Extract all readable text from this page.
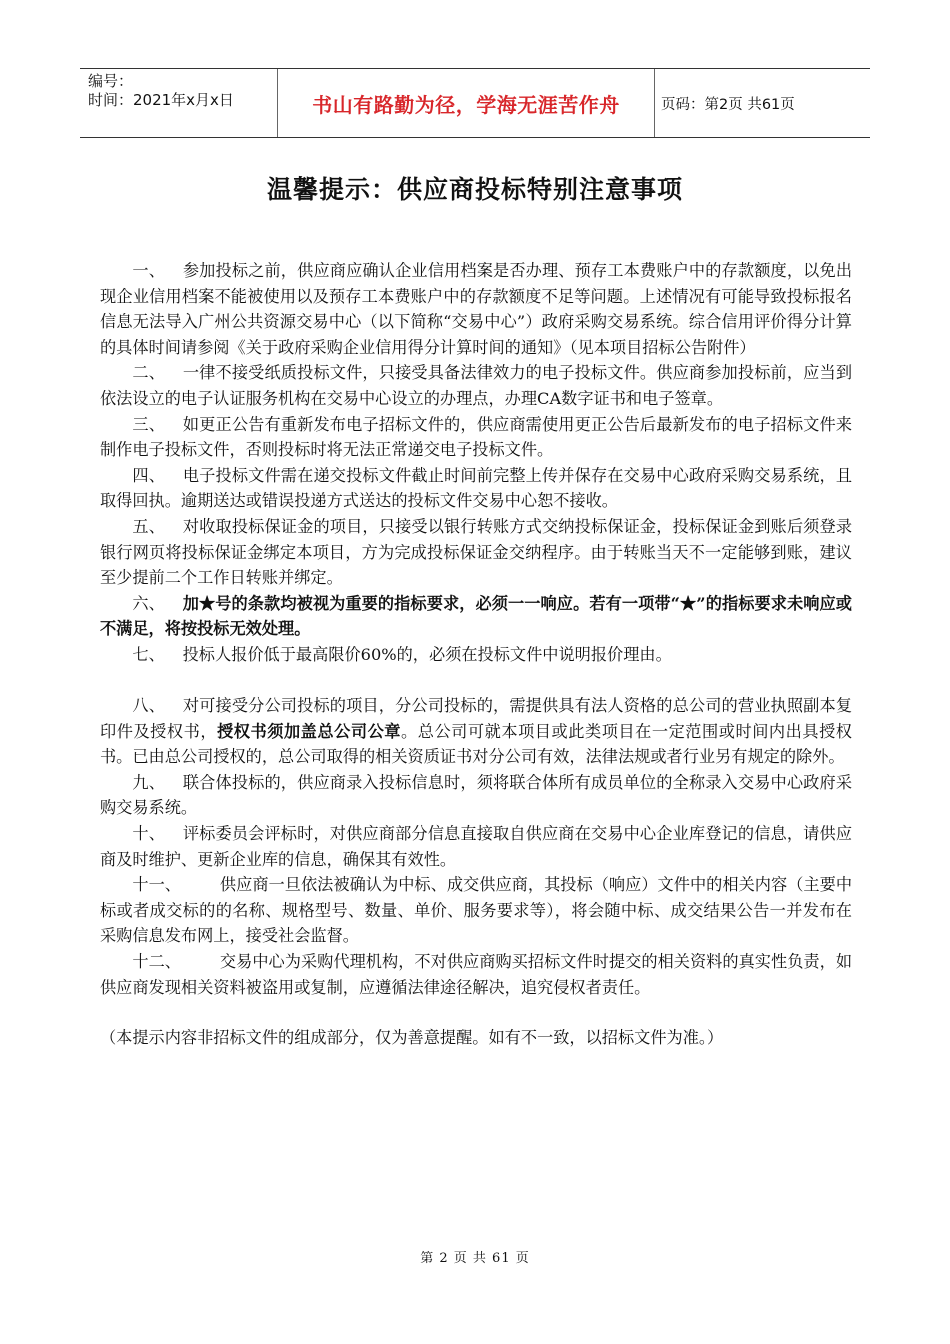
编号：
时间：2021年x月x日	书山有路勤为径，学海无涯苦作舟	页码：第2页 共61页
温馨提示：供应商投标特别注意事项

一、 参加投标之前，供应商应确认企业信用档案是否办理、预存工本费账户中的存款额度，以免出现企业信用档案不能被使用以及预存工本费账户中的存款额度不足等问题。上述情况有可能导致投标报名信息无法导入广州公共资源交易中心（以下简称“交易中心”）政府采购交易系统。综合信用评价得分计算的具体时间请参阅《关于政府采购企业信用得分计算时间的通知》（见本项目招标公告附件）

二、 一律不接受纸质投标文件，只接受具备法律效力的电子投标文件。供应商参加投标前，应当到依法设立的电子认证服务机构在交易中心设立的办理点，办理CA数字证书和电子签章。

三、 如更正公告有重新发布电子招标文件的，供应商需使用更正公告后最新发布的电子招标文件来制作电子投标文件，否则投标时将无法正常递交电子投标文件。

四、 电子投标文件需在递交投标文件截止时间前完整上传并保存在交易中心政府采购交易系统，且取得回执。逾期送达或错误投递方式送达的投标文件交易中心恕不接收。

五、 对收取投标保证金的项目，只接受以银行转账方式交纳投标保证金，投标保证金到账后须登录银行网页将投标保证金绑定本项目，方为完成投标保证金交纳程序。由于转账当天不一定能够到账，建议至少提前二个工作日转账并绑定。

六、 加★号的条款均被视为重要的指标要求，必须一一响应。若有一项带“★”的指标要求未响应或不满足，将按投标无效处理。

七、 投标人报价低于最高限价60%的，必须在投标文件中说明报价理由。

八、 对可接受分公司投标的项目，分公司投标的，需提供具有法人资格的总公司的营业执照副本复印件及授权书，授权书须加盖总公司公章。总公司可就本项目或此类项目在一定范围或时间内出具授权书。已由总公司授权的，总公司取得的相关资质证书对分公司有效，法律法规或者行业另有规定的除外。

九、 联合体投标的，供应商录入投标信息时，须将联合体所有成员单位的全称录入交易中心政府采购交易系统。

十、 评标委员会评标时，对供应商部分信息直接取自供应商在交易中心企业库登记的信息，请供应商及时维护、更新企业库的信息，确保其有效性。

十一、 供应商一旦依法被确认为中标、成交供应商，其投标（响应）文件中的相关内容（主要中标或者成交标的的名称、规格型号、数量、单价、服务要求等），将会随中标、成交结果公告一并发布在采购信息发布网上，接受社会监督。

十二、 交易中心为采购代理机构，不对供应商购买招标文件时提交的相关资料的真实性负责，如供应商发现相关资料被盗用或复制，应遵循法律途径解决，追究侵权者责任。

（本提示内容非招标文件的组成部分，仅为善意提醒。如有不一致，以招标文件为准。）

第 2 页 共 61 页
